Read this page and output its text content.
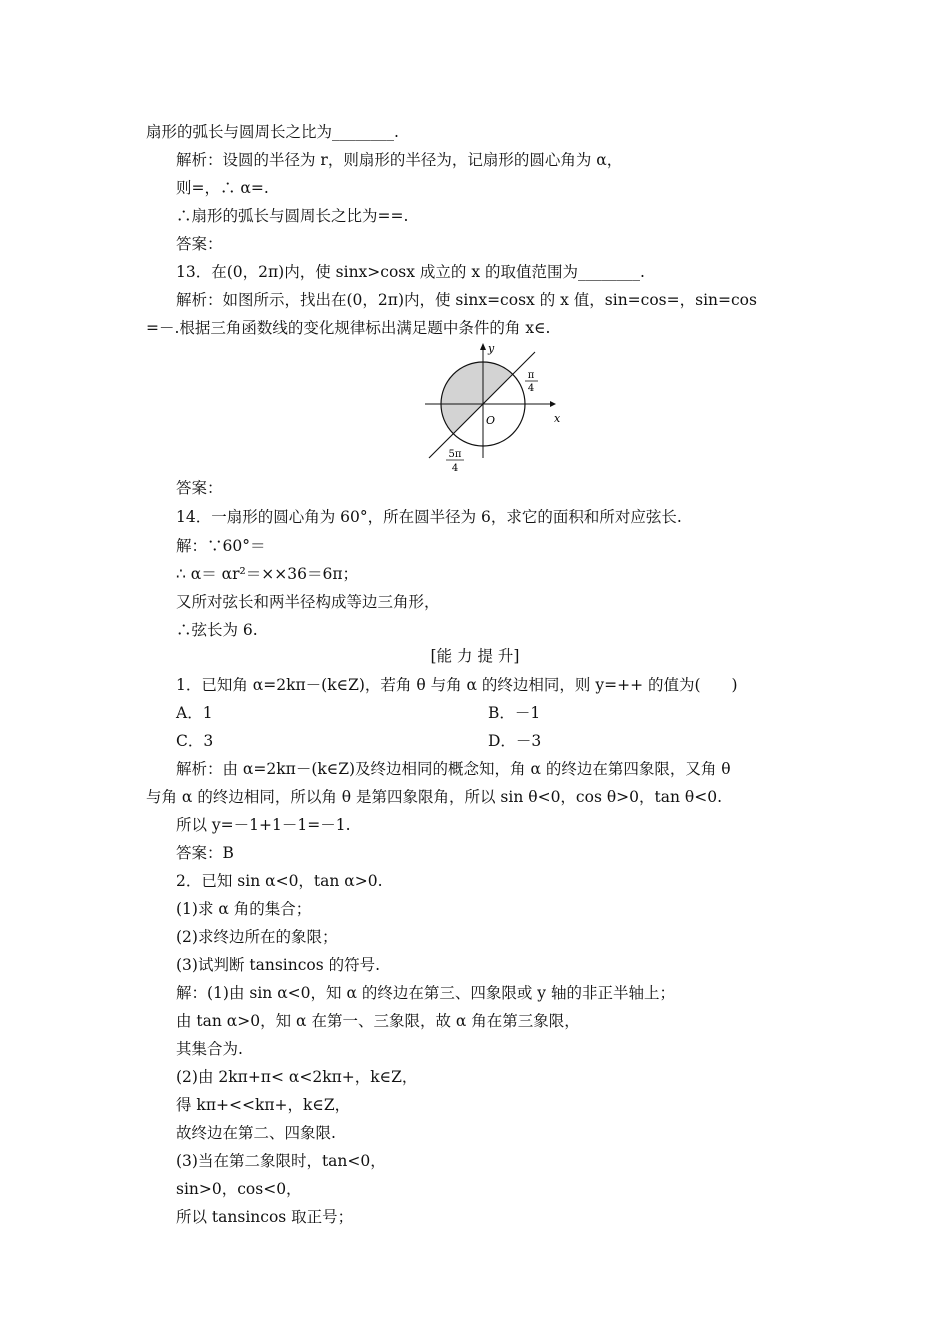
扇形的弧长与圆周长之比为________.
解析：设圆的半径为 r，则扇形的半径为，记扇形的圆心角为 α，
则=，∴ α=.
∴扇形的弧长与圆周长之比为==.
答案：
13．在(0，2π)内，使 sinx>cosx 成立的 x 的取值范围为________.
解析：如图所示，找出在(0，2π)内，使 sinx=cosx 的 x 值，sin=cos=，sin=cos
=－.根据三角函数线的变化规律标出满足题中条件的角 x∈.
y
x
O
π
4
5π
4
答案：
14．一扇形的圆心角为 60°，所在圆半径为 6，求它的面积和所对应弦长.
解：∵60°＝
∴ α＝ αr²＝××36＝6π；
又所对弦长和两半径构成等边三角形，
∴弦长为 6.
[能 力 提 升]
1．已知角 α=2kπ－(k∈Z)，若角 θ 与角 α 的终边相同，则 y=++ 的值为(　　)
A．1	B．－1
C．3	D．－3
解析：由 α=2kπ－(k∈Z)及终边相同的概念知，角 α 的终边在第四象限，又角 θ
与角 α 的终边相同，所以角 θ 是第四象限角，所以 sin θ<0，cos θ>0，tan θ<0.
所以 y=－1+1－1=－1.
答案：B
2．已知 sin α<0，tan α>0.
(1)求 α 角的集合；
(2)求终边所在的象限；
(3)试判断 tansincos 的符号.
解：(1)由 sin α<0，知 α 的终边在第三、四象限或 y 轴的非正半轴上；
由 tan α>0，知 α 在第一、三象限，故 α 角在第三象限，
其集合为.
(2)由 2kπ+π< α<2kπ+，k∈Z，
得 kπ+<<kπ+，k∈Z，
故终边在第二、四象限.
(3)当在第二象限时，tan<0，
sin>0，cos<0，
所以 tansincos 取正号；
